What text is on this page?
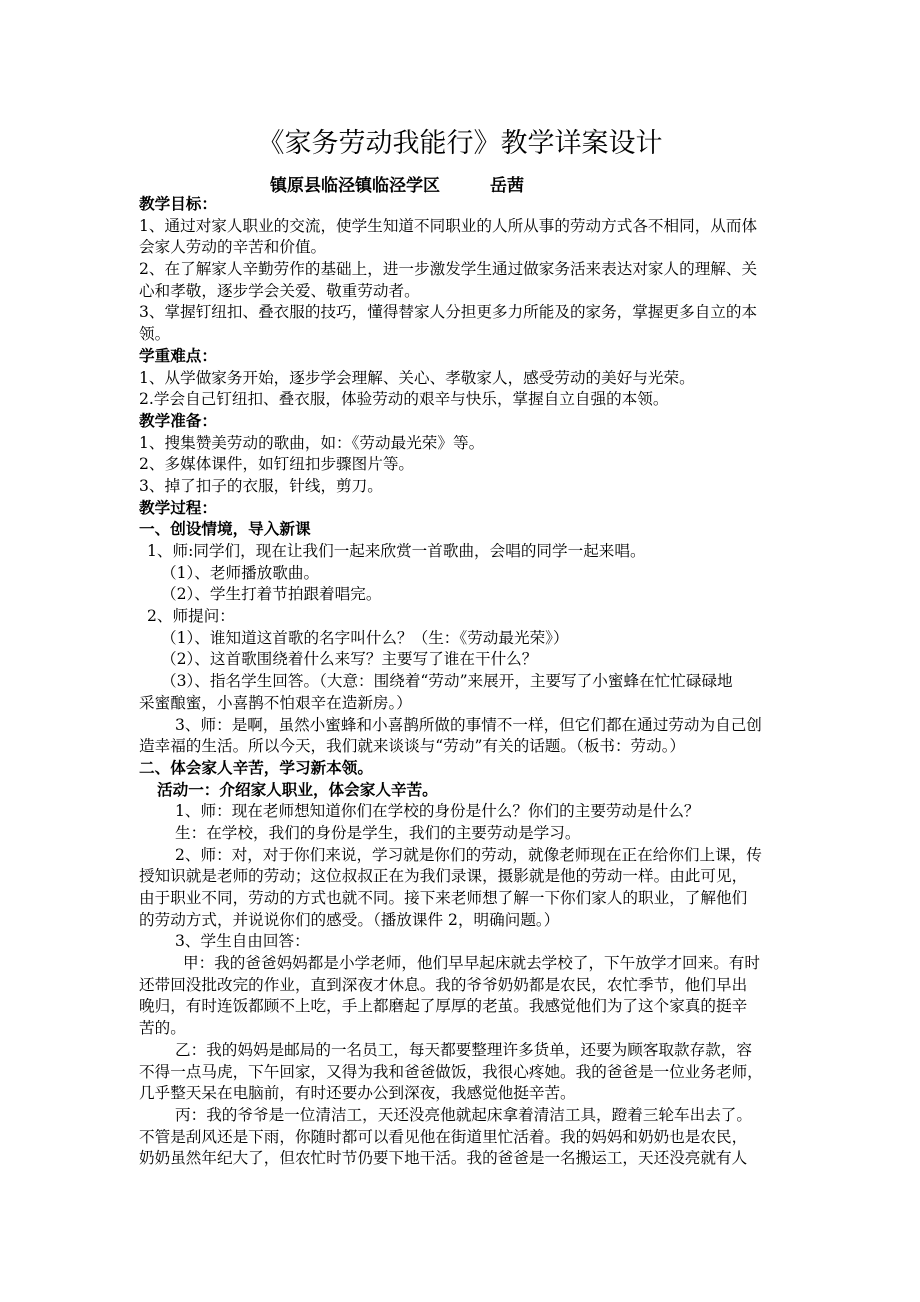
《家务劳动我能行》教学详案设计
镇原县临泾镇临泾学区	岳茜
教学目标：
1、通过对家人职业的交流，使学生知道不同职业的人所从事的劳动方式各不相同，从而体
会家人劳动的辛苦和价值。
2、在了解家人辛勤劳作的基础上，进一步激发学生通过做家务活来表达对家人的理解、关
心和孝敬，逐步学会关爱、敬重劳动者。
3、掌握钉纽扣、叠衣服的技巧，懂得替家人分担更多力所能及的家务，掌握更多自立的本
领。
学重难点：
1、从学做家务开始，逐步学会理解、关心、孝敬家人，感受劳动的美好与光荣。
2.学会自己钉纽扣、叠衣服，体验劳动的艰辛与快乐，掌握自立自强的本领。
教学准备：
1、搜集赞美劳动的歌曲，如：《劳动最光荣》等。
2、多媒体课件，如钉纽扣步骤图片等。
3、掉了扣子的衣服，针线，剪刀。
教学过程：
一、创设情境，导入新课
1、师:同学们，现在让我们一起来欣赏一首歌曲，会唱的同学一起来唱。
（1）、老师播放歌曲。
（2）、学生打着节拍跟着唱完。
2、师提问：
（1）、谁知道这首歌的名字叫什么？（生：《劳动最光荣》）
（2）、这首歌围绕着什么来写？主要写了谁在干什么？
（3）、指名学生回答。（大意：围绕着“劳动”来展开，主要写了小蜜蜂在忙忙碌碌地
采蜜酿蜜，小喜鹊不怕艰辛在造新房。）
3、师：是啊，虽然小蜜蜂和小喜鹊所做的事情不一样，但它们都在通过劳动为自己创
造幸福的生活。所以今天，我们就来谈谈与“劳动”有关的话题。（板书：劳动。）
二、体会家人辛苦，学习新本领。
活动一：介绍家人职业，体会家人辛苦。
1、师：现在老师想知道你们在学校的身份是什么？你们的主要劳动是什么？
生：在学校，我们的身份是学生，我们的主要劳动是学习。
2、师：对，对于你们来说，学习就是你们的劳动，就像老师现在正在给你们上课，传
授知识就是老师的劳动；这位叔叔正在为我们录课，摄影就是他的劳动一样。由此可见，
由于职业不同，劳动的方式也就不同。接下来老师想了解一下你们家人的职业，了解他们
的劳动方式，并说说你们的感受。（播放课件 2，明确问题。）
3、学生自由回答：
甲：我的爸爸妈妈都是小学老师，他们早早起床就去学校了，下午放学才回来。有时
还带回没批改完的作业，直到深夜才休息。我的爷爷奶奶都是农民，农忙季节，他们早出
晚归，有时连饭都顾不上吃，手上都磨起了厚厚的老茧。我感觉他们为了这个家真的挺辛
苦的。
乙：我的妈妈是邮局的一名员工，每天都要整理许多货单，还要为顾客取款存款，容
不得一点马虎，下午回家，又得为我和爸爸做饭，我很心疼她。我的爸爸是一位业务老师，
几乎整天呆在电脑前，有时还要办公到深夜，我感觉他挺辛苦。
丙：我的爷爷是一位清洁工，天还没亮他就起床拿着清洁工具，蹬着三轮车出去了。
不管是刮风还是下雨，你随时都可以看见他在街道里忙活着。我的妈妈和奶奶也是农民，
奶奶虽然年纪大了，但农忙时节仍要下地干活。我的爸爸是一名搬运工，天还没亮就有人
